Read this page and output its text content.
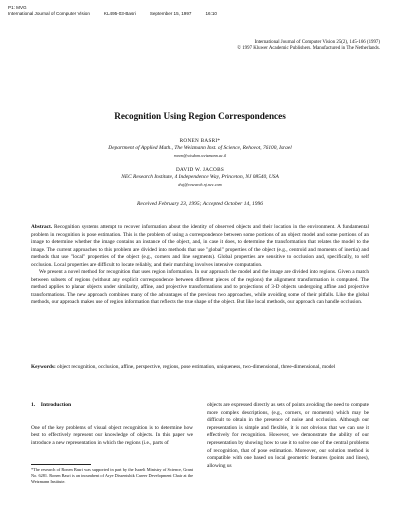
P1: MVG
International Journal of Computer Vision	KL495-03-Basri	September 15, 1997	16:10
International Journal of Computer Vision 25(2), 145-166 (1997)
© 1997 Kluwer Academic Publishers. Manufactured in The Netherlands.
Recognition Using Region Correspondences
RONEN BASRI*
Department of Applied Math., The Weizmann Inst. of Science, Rehovot, 76100, Israel
ronen@wisdom.weizmann.ac.il
DAVID W. JACOBS
NEC Research Institute, 4 Independence Way, Princeton, NJ 08540, USA
dwj@research.nj.nec.com
Received February 23, 1995; Accepted October 14, 1996

Abstract. Recognition systems attempt to recover information about the identity of observed objects and their location in the environment. A fundamental problem in recognition is pose estimation. This is the problem of using a correspondence between some portions of an object model and some portions of an image to determine whether the image contains an instance of the object, and, in case it does, to determine the transformation that relates the model to the image. The current approaches to this problem are divided into methods that use "global" properties of the object (e.g., centroid and moments of inertia) and methods that use "local" properties of the object (e.g., corners and line segments). Global properties are sensitive to occlusion and, specifically, to self occlusion. Local properties are difficult to locate reliably, and their matching involves intensive computation.

We present a novel method for recognition that uses region information. In our approach the model and the image are divided into regions. Given a match between subsets of regions (without any explicit correspondence between different pieces of the regions) the alignment transformation is computed. The method applies to planar objects under similarity, affine, and projective transformations and to projections of 3-D objects undergoing affine and projective transformations. The new approach combines many of the advantages of the previous two approaches, while avoiding some of their pitfalls. Like the global methods, our approach makes use of region information that reflects the true shape of the object. But like local methods, our approach can handle occlusion.

Keywords: object recognition, occlusion, affine, perspective, regions, pose estimation, uniqueness, two-dimensional, three-dimensional, model
1. Introduction

One of the key problems of visual object recognition is to determine how best to effectively represent our knowledge of objects. In this paper we introduce a new representation in which the regions (i.e., parts of

*The research of Ronen Basri was supported in part by the Israeli Ministry of Science, Grant No. 6281. Ronen Basri is an incumbent of Arye Dissentshik Career Development Chair at the Weizmann Institute.

objects are expressed directly as sets of points avoiding the need to compute more complex descriptions, (e.g., corners, or moments) which may be difficult to obtain in the presence of noise and occlusion. Although our representation is simple and flexible, it is not obvious that we can use it effectively for recognition. However, we demonstrate the ability of our representation by showing how to use it to solve one of the central problems of recognition, that of pose estimation. Moreover, our solution method is compatible with one based on local geometric features (points and lines), allowing us
